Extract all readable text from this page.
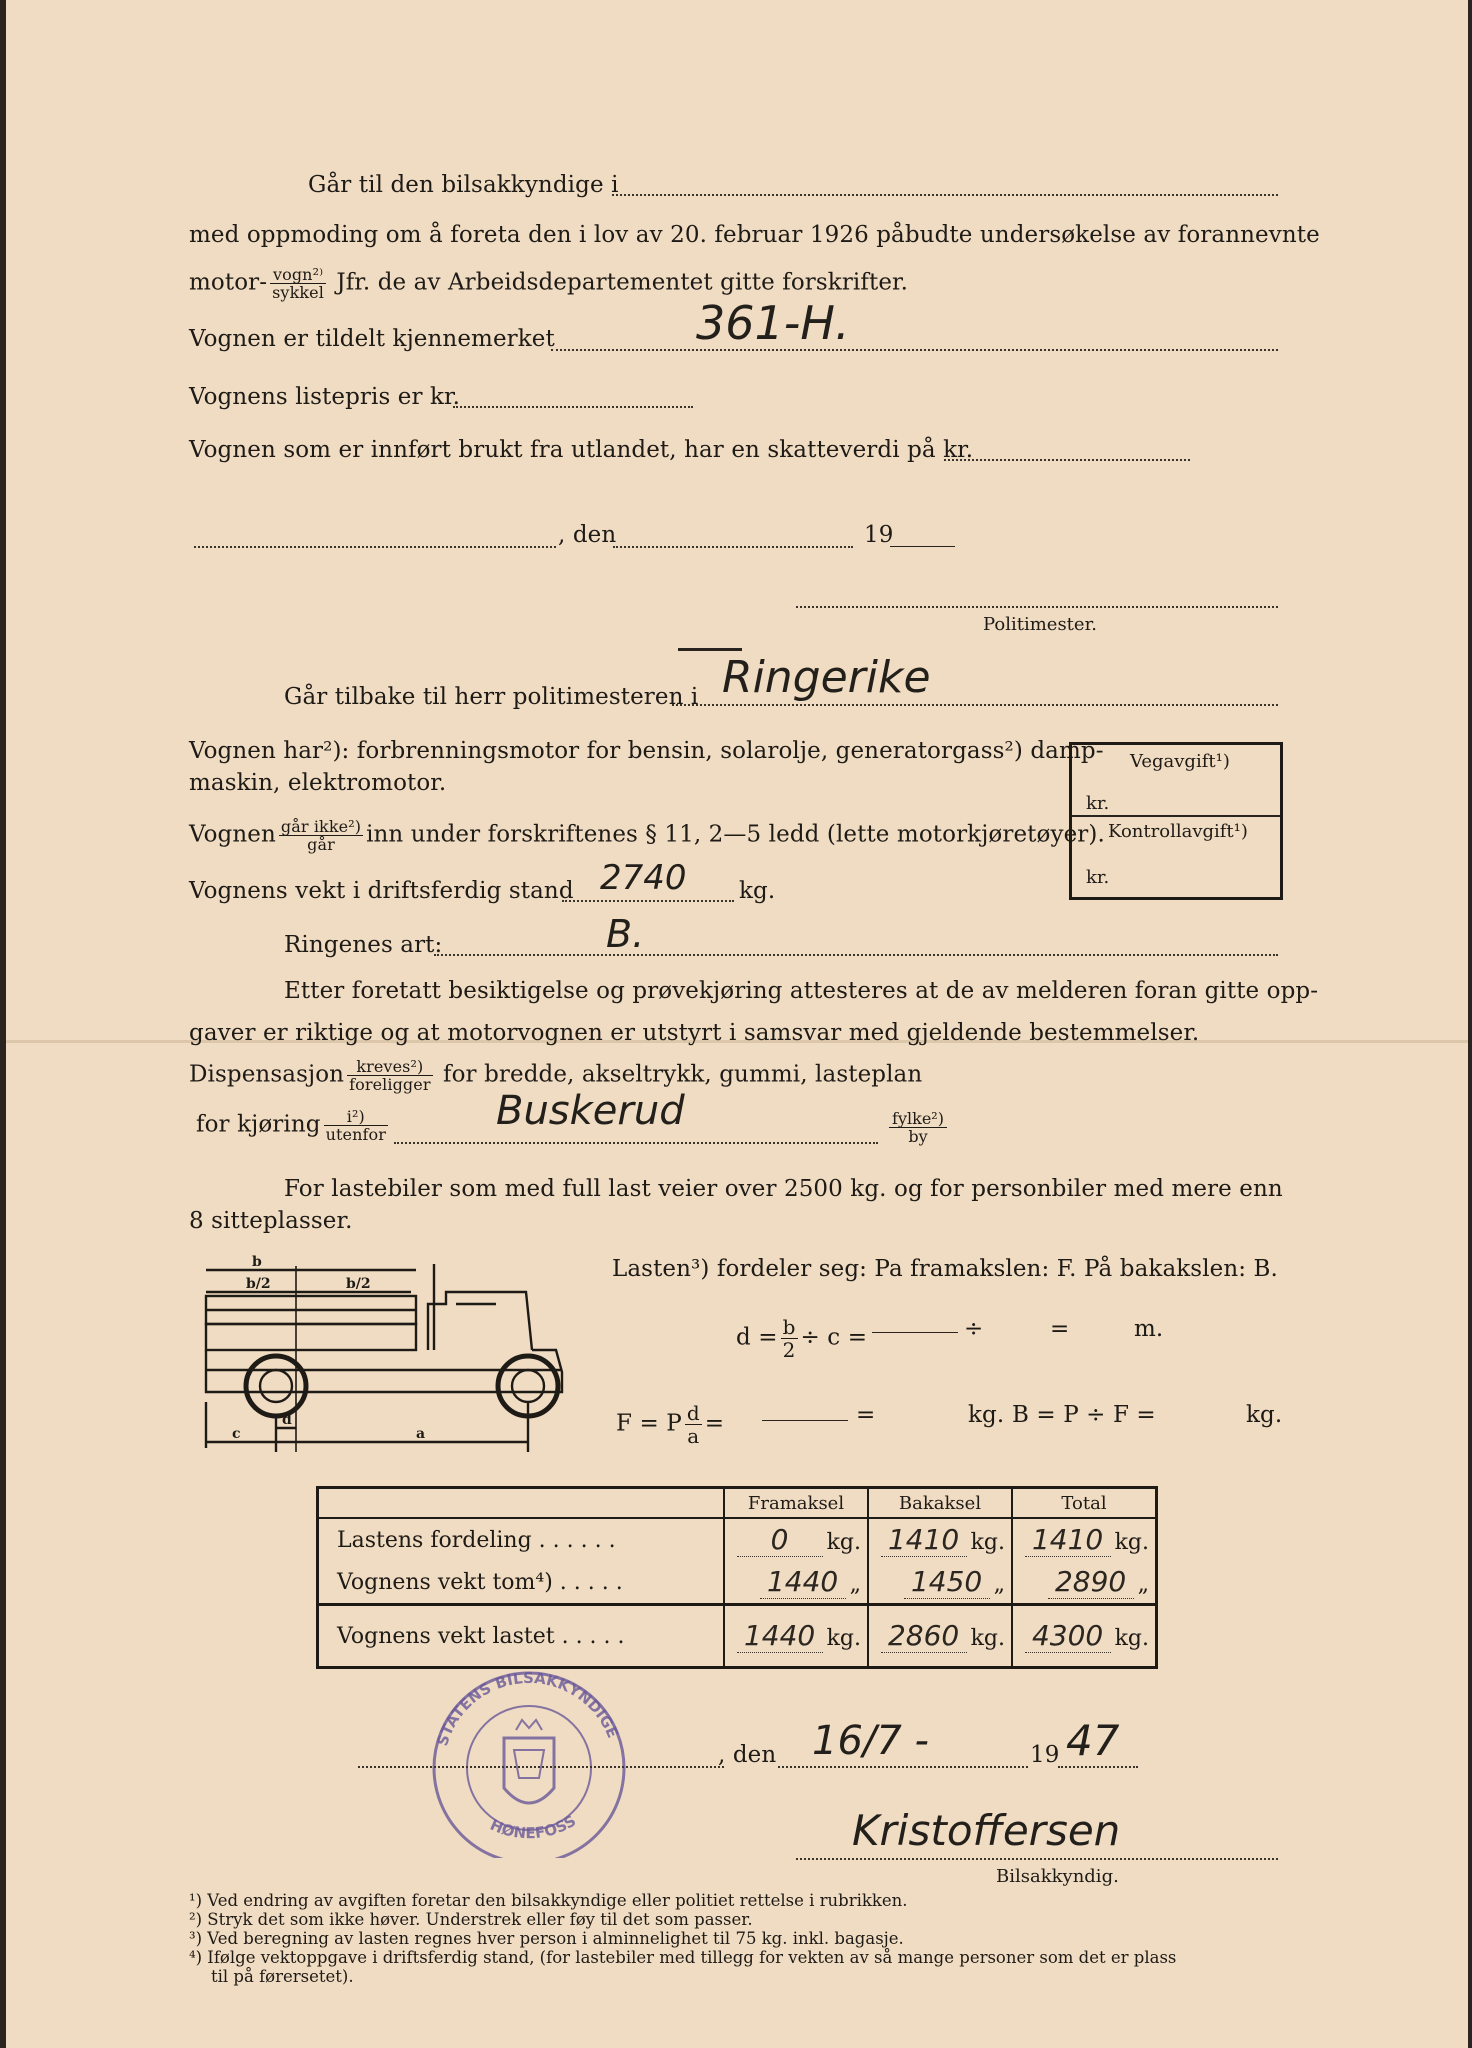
Går til den bilsakkyndige i
med oppmoding om å foreta den i lov av 20. februar 1926 påbudte undersøkelse av forannevnte
motor- $\frac{\text{vogn²⁾}}{\text{sykkel}}$ Jfr. de av Arbeidsdepartementet gitte forskrifter.
Vognen er tildelt kjennemerket	361-H.
Vognens listepris er kr.
Vognen som er innført brukt fra utlandet, har en skatteverdi på kr.
, den	19
Politimester.
Går tilbake til herr politimesteren i Ringerike
Vognen har²): forbrenningsmotor for bensin, solarolje, generatorgass²) damp-
maskin, elektromotor.
Vognen $\frac{\text{går ikke²)}}{\text{går}}$ inn under forskriftenes § 11, 2—5 ledd (lette motorkjøretøyer).
Vognens vekt i driftsferdig stand 2740 kg.
Ringenes art:	B.
Vegavgift¹)
kr.
Kontrollavgift¹)
kr.
Etter foretatt besiktigelse og prøvekjøring attesteres at de av melderen foran gitte opp-
gaver er riktige og at motorvognen er utstyrt i samsvar med gjeldende bestemmelser.
Dispensasjon $\frac{\text{kreves²)}}{\text{foreligger}}$ for bredde, akseltrykk, gummi, lasteplan
for kjøring $\frac{\text{i²)}}{\text{utenfor}}$	Buskerud	$\frac{\text{fylke²)}}{by}$
For lastebiler som med full last veier over 2500 kg. og for personbiler med mere enn
8 sitteplasser.
Lasten³) fordeler seg: Pa framakslen: F. På bakakslen: B.
$d = \frac{b}{2} \div c$ =	÷	=	m.
F = P $\frac{d}{a}$ =	=	kg. B = P ÷ F =	kg.
b
b/2	b/2
d
c	a
	Framaksel	Bakaksel	Total
Lastens fordeling . . . . . .	0 kg.	1410 kg.	1410 kg.
Vognens vekt tom⁴) . . . . .	1440 „	1450 „	2890 „
Vognens vekt lastet . . . . .	1440 kg.	2860 kg.	4300 kg.
STATENS BILSAKKYNDIGE
HØNEFOSS
, den 16/7 -	19 47
Kristoffersen
Bilsakkyndig.
¹) Ved endring av avgiften foretar den bilsakkyndige eller politiet rettelse i rubrikken.
²) Stryk det som ikke høver. Understrek eller føy til det som passer.
³) Ved beregning av lasten regnes hver person i alminnelighet til 75 kg. inkl. bagasje.
⁴) Ifølge vektoppgave i driftsferdig stand, (for lastebiler med tillegg for vekten av så mange personer som det er plass
til på førersetet).
